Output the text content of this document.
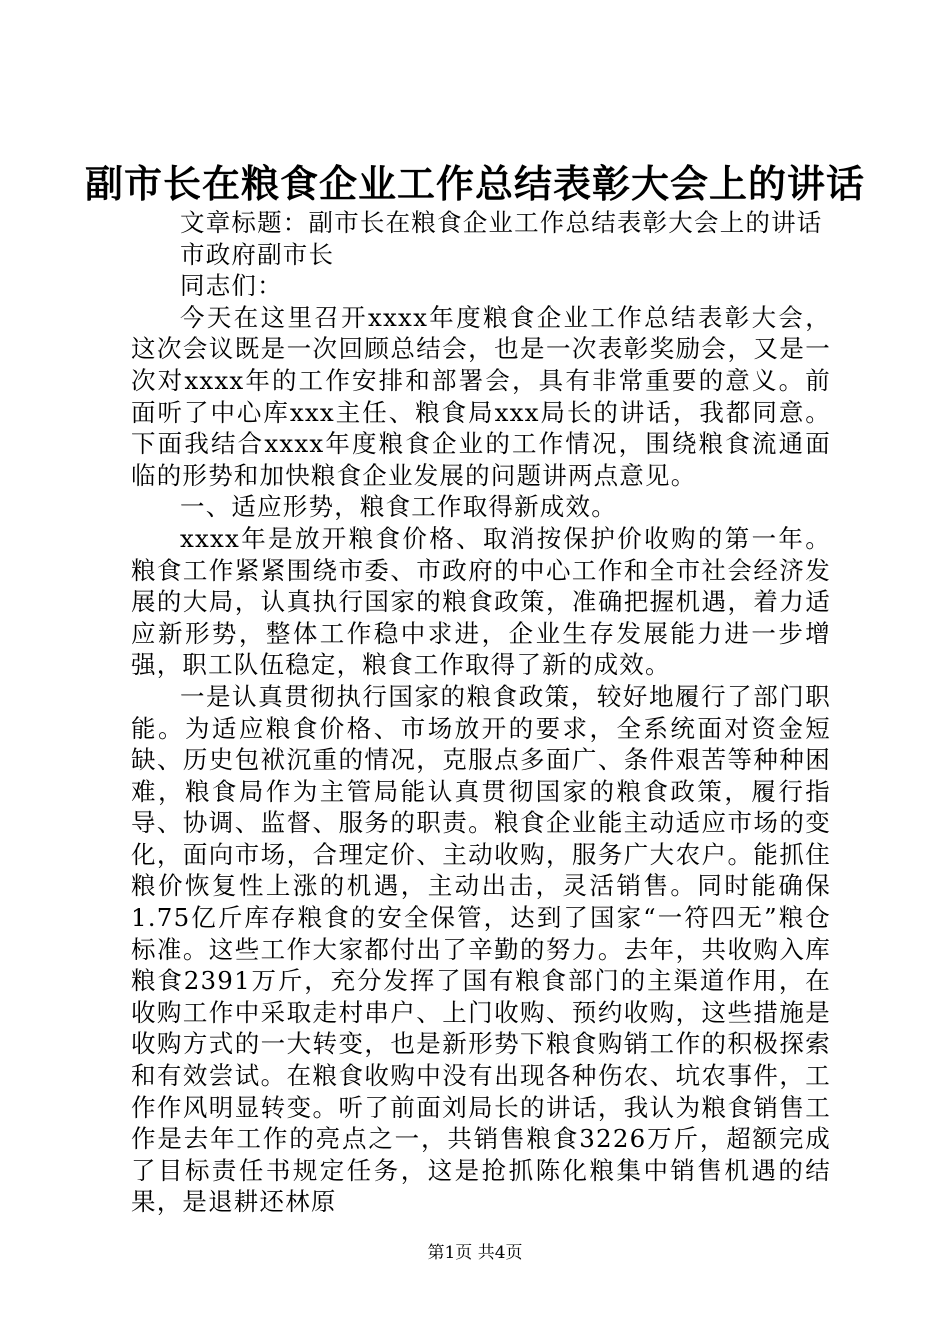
副市长在粮食企业工作总结表彰大会上的讲话

文章标题：副市长在粮食企业工作总结表彰大会上的讲话

市政府副市长

同志们：

今天在这里召开xxxx年度粮食企业工作总结表彰大会，这次会议既是一次回顾总结会，也是一次表彰奖励会，又是一次对xxxx年的工作安排和部署会，具有非常重要的意义。前面听了中心库xxx主任、粮食局xxx局长的讲话，我都同意。下面我结合xxxx年度粮食企业的工作情况，围绕粮食流通面临的形势和加快粮食企业发展的问题讲两点意见。

一、适应形势，粮食工作取得新成效。

xxxx年是放开粮食价格、取消按保护价收购的第一年。粮食工作紧紧围绕市委、市政府的中心工作和全市社会经济发展的大局，认真执行国家的粮食政策，准确把握机遇，着力适应新形势，整体工作稳中求进，企业生存发展能力进一步增强，职工队伍稳定，粮食工作取得了新的成效。

一是认真贯彻执行国家的粮食政策，较好地履行了部门职能。为适应粮食价格、市场放开的要求，全系统面对资金短缺、历史包袱沉重的情况，克服点多面广、条件艰苦等种种困难，粮食局作为主管局能认真贯彻国家的粮食政策，履行指导、协调、监督、服务的职责。粮食企业能主动适应市场的变化，面向市场，合理定价、主动收购，服务广大农户。能抓住粮价恢复性上涨的机遇，主动出击，灵活销售。同时能确保1.75亿斤库存粮食的安全保管，达到了国家“一符四无”粮仓标准。这些工作大家都付出了辛勤的努力。去年，共收购入库粮食2391万斤，充分发挥了国有粮食部门的主渠道作用，在收购工作中采取走村串户、上门收购、预约收购，这些措施是收购方式的一大转变，也是新形势下粮食购销工作的积极探索和有效尝试。在粮食收购中没有出现各种伤农、坑农事件，工作作风明显转变。听了前面刘局长的讲话，我认为粮食销售工作是去年工作的亮点之一，共销售粮食3226万斤，超额完成了目标责任书规定任务，这是抢抓陈化粮集中销售机遇的结果，是退耕还林原

第1页 共4页
